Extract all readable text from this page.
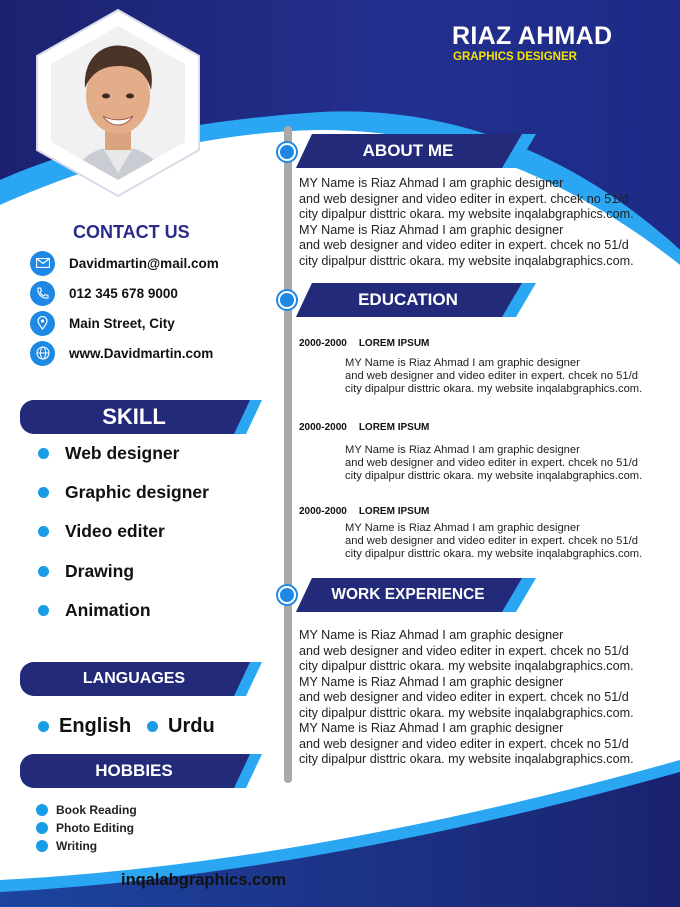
RIAZ AHMAD
GRAPHICS DESIGNER
CONTACT US
Davidmartin@mail.com
012 345 678 9000
Main Street, City
www.Davidmartin.com
SKILL
Web designer
Graphic designer
Video editer
Drawing
Animation
LANGUAGES
English Urdu
HOBBIES
Book Reading
Photo Editing
Writing
inqalabgraphics.com
ABOUT ME
EDUCATION
WORK EXPERIENCE
MY Name is Riaz Ahmad I am graphic designer
and web designer and video editer in expert. chcek no 51/d
city dipalpur disttric okara. my website inqalabgraphics.com.
MY Name is Riaz Ahmad I am graphic designer
and web designer and video editer in expert. chcek no 51/d
city dipalpur disttric okara. my website inqalabgraphics.com.
2000-2000 LOREM IPSUM
MY Name is Riaz Ahmad I am graphic designer
and web designer and video editer in expert. chcek no 51/d
city dipalpur disttric okara. my website inqalabgraphics.com.
2000-2000 LOREM IPSUM
MY Name is Riaz Ahmad I am graphic designer
and web designer and video editer in expert. chcek no 51/d
city dipalpur disttric okara. my website inqalabgraphics.com.
2000-2000 LOREM IPSUM
MY Name is Riaz Ahmad I am graphic designer
and web designer and video editer in expert. chcek no 51/d
city dipalpur disttric okara. my website inqalabgraphics.com.
MY Name is Riaz Ahmad I am graphic designer
and web designer and video editer in expert. chcek no 51/d
city dipalpur disttric okara. my website inqalabgraphics.com.
MY Name is Riaz Ahmad I am graphic designer
and web designer and video editer in expert. chcek no 51/d
city dipalpur disttric okara. my website inqalabgraphics.com.
MY Name is Riaz Ahmad I am graphic designer
and web designer and video editer in expert. chcek no 51/d
city dipalpur disttric okara. my website inqalabgraphics.com.
